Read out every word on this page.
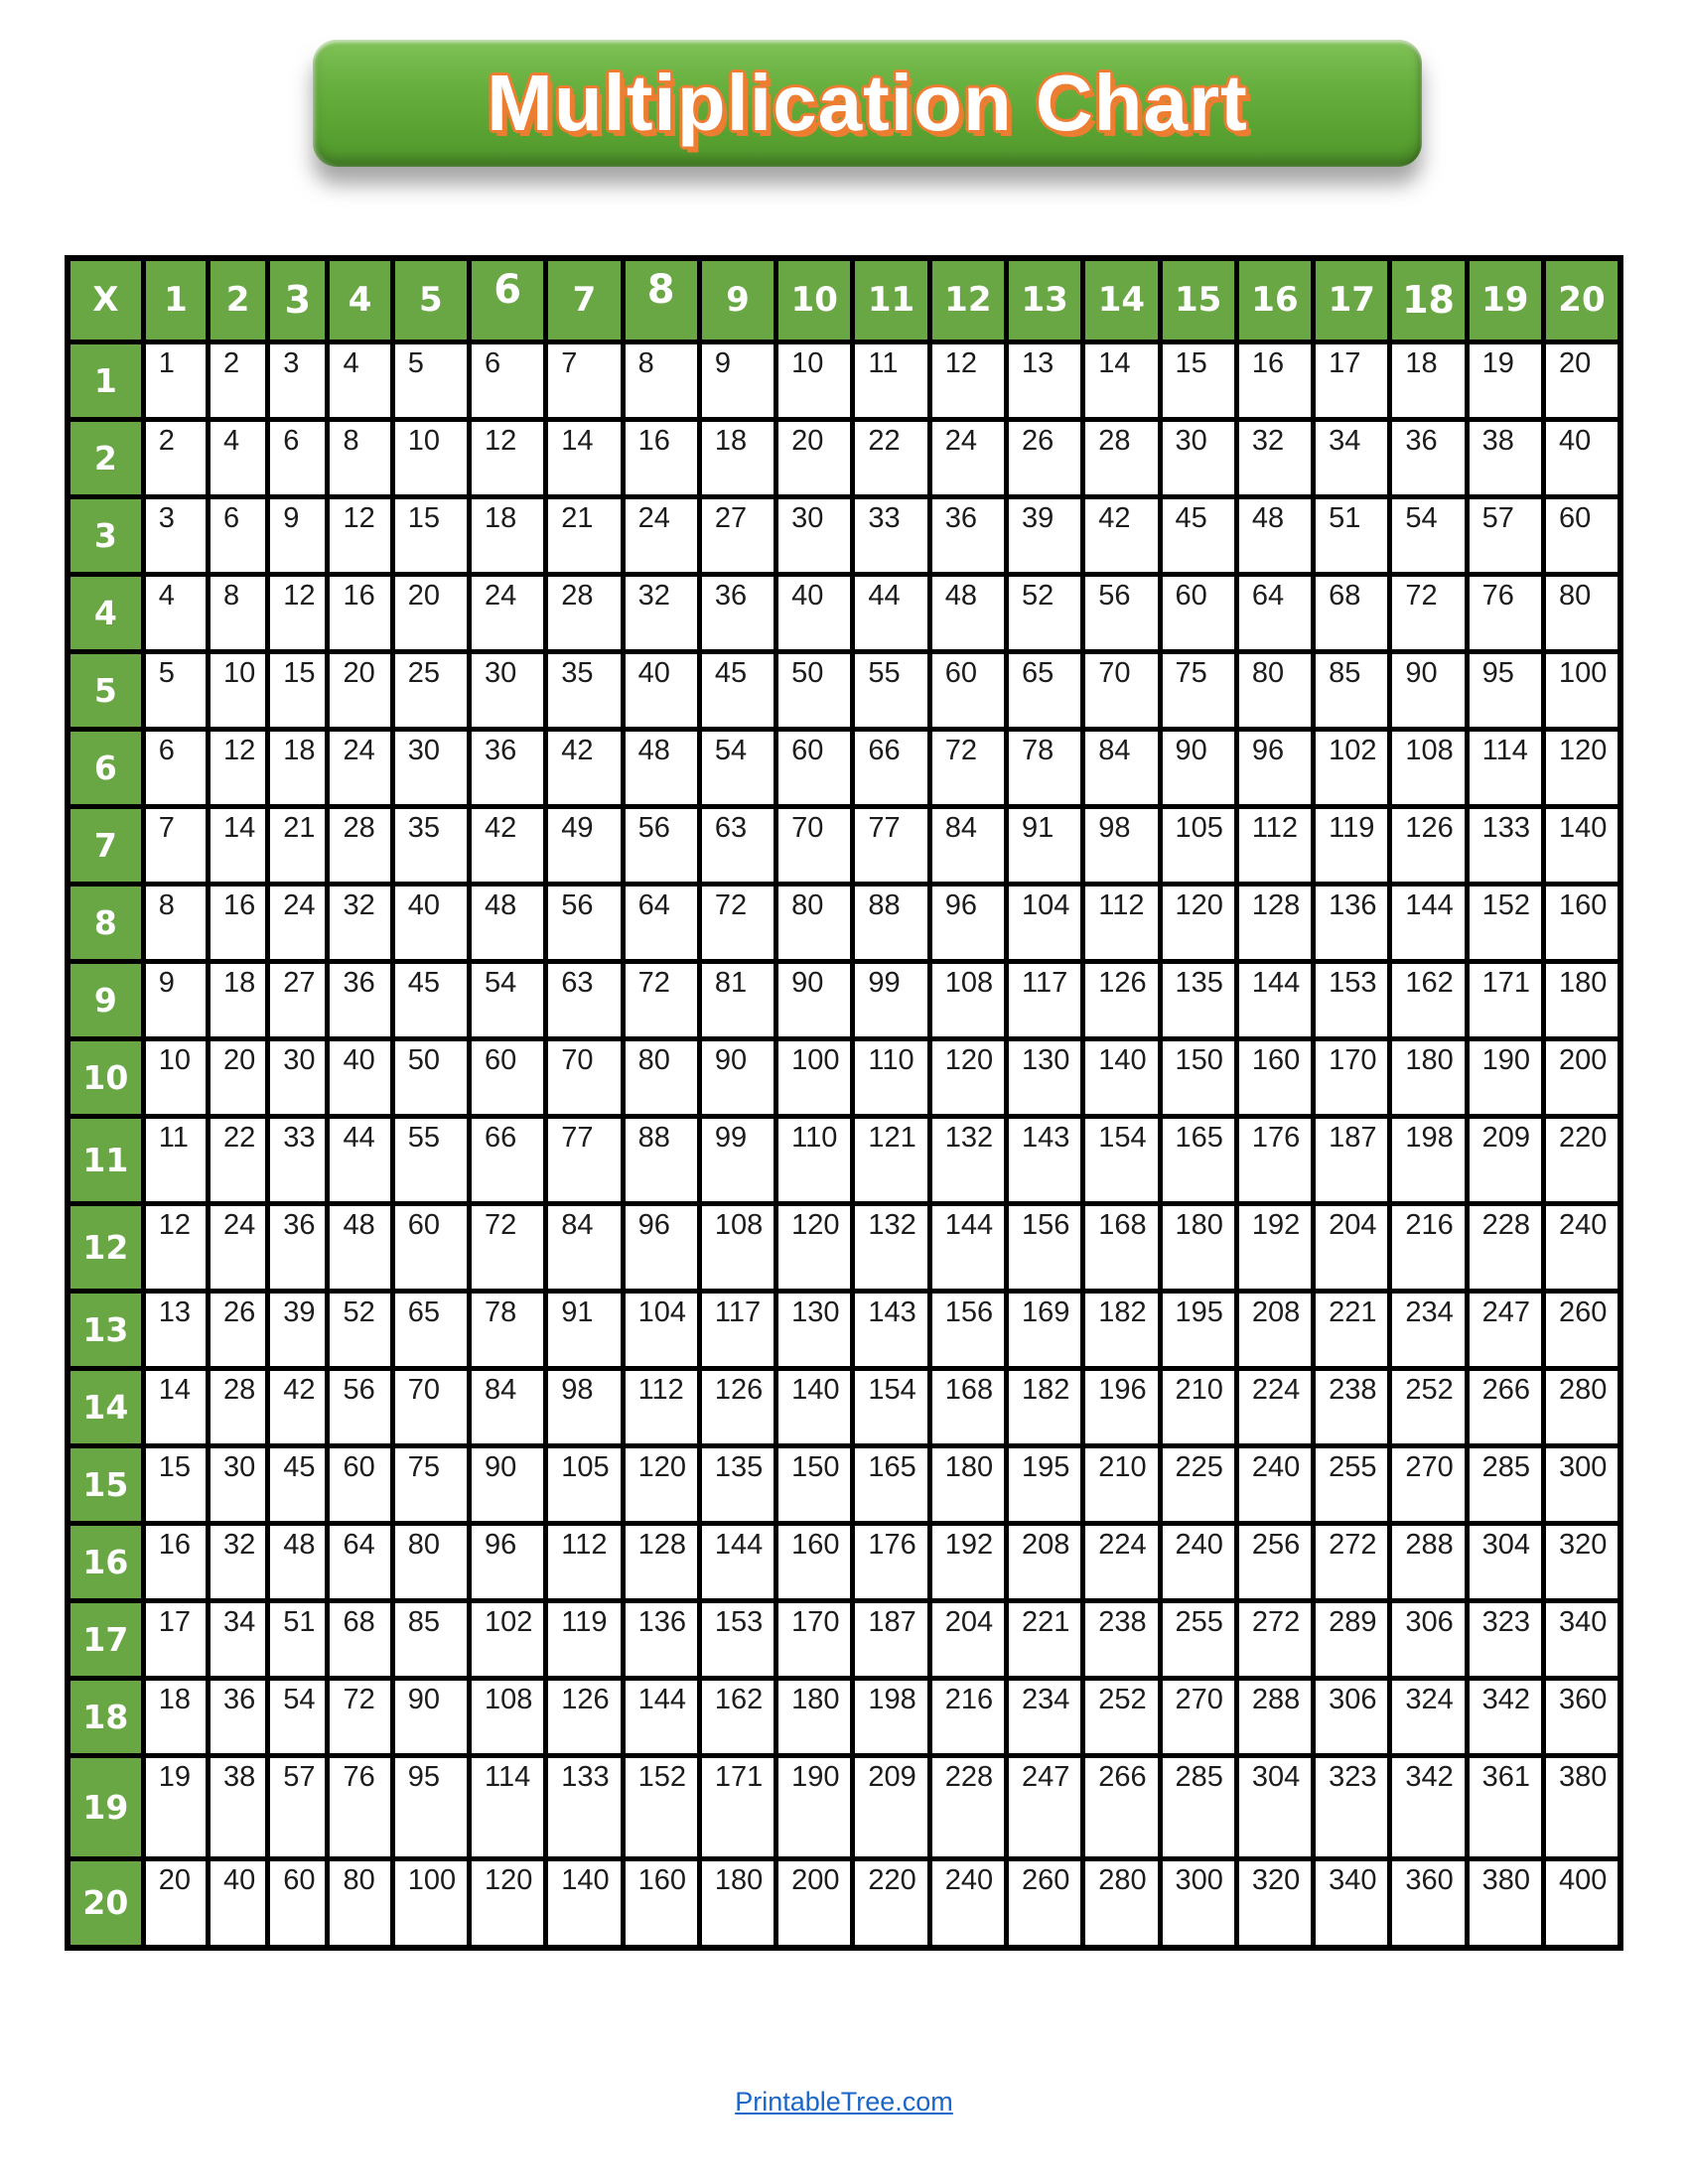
Multiplication Chart
X	1	2	3	4	5	6	7	8	9	10	11	12	13	14	15	16	17	18	19	20
1	1	2	3	4	5	6	7	8	9	10	11	12	13	14	15	16	17	18	19	20
2	2	4	6	8	10	12	14	16	18	20	22	24	26	28	30	32	34	36	38	40
3	3	6	9	12	15	18	21	24	27	30	33	36	39	42	45	48	51	54	57	60
4	4	8	12	16	20	24	28	32	36	40	44	48	52	56	60	64	68	72	76	80
5	5	10	15	20	25	30	35	40	45	50	55	60	65	70	75	80	85	90	95	100
6	6	12	18	24	30	36	42	48	54	60	66	72	78	84	90	96	102	108	114	120
7	7	14	21	28	35	42	49	56	63	70	77	84	91	98	105	112	119	126	133	140
8	8	16	24	32	40	48	56	64	72	80	88	96	104	112	120	128	136	144	152	160
9	9	18	27	36	45	54	63	72	81	90	99	108	117	126	135	144	153	162	171	180
10	10	20	30	40	50	60	70	80	90	100	110	120	130	140	150	160	170	180	190	200
11	11	22	33	44	55	66	77	88	99	110	121	132	143	154	165	176	187	198	209	220
12	12	24	36	48	60	72	84	96	108	120	132	144	156	168	180	192	204	216	228	240
13	13	26	39	52	65	78	91	104	117	130	143	156	169	182	195	208	221	234	247	260
14	14	28	42	56	70	84	98	112	126	140	154	168	182	196	210	224	238	252	266	280
15	15	30	45	60	75	90	105	120	135	150	165	180	195	210	225	240	255	270	285	300
16	16	32	48	64	80	96	112	128	144	160	176	192	208	224	240	256	272	288	304	320
17	17	34	51	68	85	102	119	136	153	170	187	204	221	238	255	272	289	306	323	340
18	18	36	54	72	90	108	126	144	162	180	198	216	234	252	270	288	306	324	342	360
19	19	38	57	76	95	114	133	152	171	190	209	228	247	266	285	304	323	342	361	380
20	20	40	60	80	100	120	140	160	180	200	220	240	260	280	300	320	340	360	380	400
PrintableTree.com
